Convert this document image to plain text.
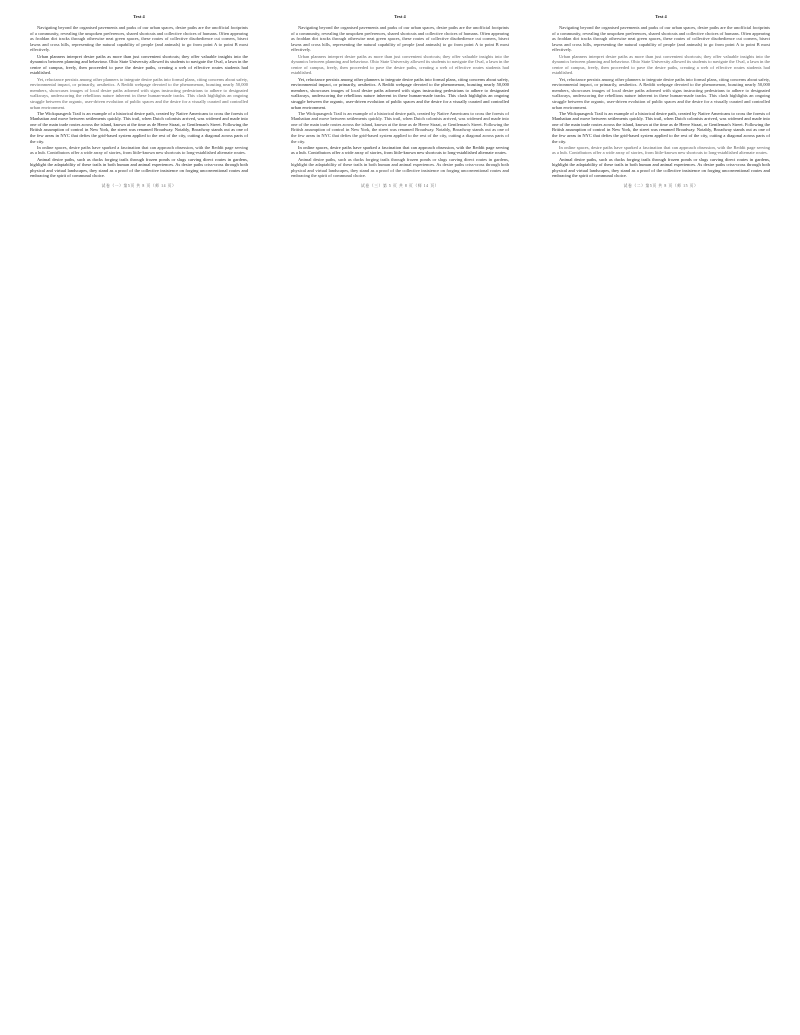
Text 4

Navigating beyond the organised pavements and parks of our urban spaces, desire paths are the unofficial footprints of a community, revealing the unspoken preferences, shared shortcuts and collective choices of humans. Often appearing as froddan dirt tracks through otherwise neat green spaces, these routes of collective disobedience cut corners, bisect lawns and cross hills, representing the natural capability of people (and animals) to go from point A to point B most effectively.

Urban planners interpret desire paths as more than just convenient shortcuts; they offer valuable insights into the dynamics between planning and behaviour. Ohio State University allowed its students to navigate the Oval, a lawn in the centre of campus, freely, then proceeded to pave the desire paths, creating a web of effective routes students had established.

Yet, reluctance persists among other planners to integrate desire paths into formal plans, citing concerns about safety, environmental impact, or primarily, aesthetics. A Reddit webpage devoted to the phenomenon, boasting nearly 50,000 members, showcases images of local desire paths adorned with signs instructing pedestrians to adhere to designated walkways, underscoring the rebellious nature inherent in these human-made tracks. This clash highlights an ongoing struggle between the organic, user-driven evolution of public spaces and the desire for a visually curated and controlled urban environment.

The Wickquasgeck Trail is an example of a historical desire path, created by Native Americans to cross the forests of Manhattan and move between settlements quickly. This trail, when Dutch colonists arrived, was widened and made into one of the main trade routes across the island, known at the time as de Heere Straat, or Gentleman's Street. Following the British assumption of control in New York, the street was renamed Broadway. Notably, Broadway stands out as one of the few areas in NYC that defies the grid-based system applied to the rest of the city, cutting a diagonal across parts of the city.

In online spaces, desire paths have sparked a fascination that can approach obsession, with the Reddit page serving as a hub. Contributors offer a wide array of stories, from little-known new shortcuts to long-established alternate routes.

Animal desire paths, such as ducks forging trails through frozen ponds or slugs carving direct routes in gardens, highlight the adaptability of these trails in both human and animal experiences. As desire paths criss-cross through both physical and virtual landscapes, they stand as a proof of the collective insistence on forging unconventional routes and embracing the spirit of communal choice.

试卷（一）第5页 共 8 页（师 14 页）
Text 4

Navigating beyond the organised pavements and parks of our urban spaces, desire paths are the unofficial footprints of a community, revealing the unspoken preferences, shared shortcuts and collective choices of humans. Often appearing as froddan dirt tracks through otherwise neat green spaces, these routes of collective disobedience cut corners, bisect lawns and cross hills, representing the natural capability of people (and animals) to go from point A to point B most effectively.

Urban planners interpret desire paths as more than just convenient shortcuts; they offer valuable insights into the dynamics between planning and behaviour. Ohio State University allowed its students to navigate the Oval, a lawn in the centre of campus, freely, then proceeded to pave the desire paths, creating a web of effective routes students had established.

Yet, reluctance persists among other planners to integrate desire paths into formal plans, citing concerns about safety, environmental impact, or primarily, aesthetics. A Reddit webpage devoted to the phenomenon, boasting nearly 50,000 members, showcases images of local desire paths adorned with signs instructing pedestrians to adhere to designated walkways, underscoring the rebellious nature inherent in these human-made tracks. This clash highlights an ongoing struggle between the organic, user-driven evolution of public spaces and the desire for a visually curated and controlled urban environment.

The Wickquasgeck Trail is an example of a historical desire path, created by Native Americans to cross the forests of Manhattan and move between settlements quickly. This trail, when Dutch colonists arrived, was widened and made into one of the main trade routes across the island, known at the time as de Heere Straat, or Gentleman's Street. Following the British assumption of control in New York, the street was renamed Broadway. Notably, Broadway stands out as one of the few areas in NYC that defies the grid-based system applied to the rest of the city, cutting a diagonal across parts of the city.

In online spaces, desire paths have sparked a fascination that can approach obsession, with the Reddit page serving as a hub. Contributors offer a wide array of stories, from little-known new shortcuts to long-established alternate routes.

Animal desire paths, such as ducks forging trails through frozen ponds or slugs carving direct routes in gardens, highlight the adaptability of these trails in both human and animal experiences. As desire paths criss-cross through both physical and virtual landscapes, they stand as a proof of the collective insistence on forging unconventional routes and embracing the spirit of communal choice.

试卷（三）第 5 页 共 8 页（师 14 页）
Text 4

Navigating beyond the organised pavements and parks of our urban spaces, desire paths are the unofficial footprints of a community, revealing the unspoken preferences, shared shortcuts and collective choices of humans. Often appearing as froddan dirt tracks through otherwise neat green spaces, these routes of collective disobedience cut corners, bisect lawns and cross hills, representing the natural capability of people (and animals) to go from point A to point B most effectively.

Urban planners interpret desire paths as more than just convenient shortcuts; they offer valuable insights into the dynamics between planning and behaviour. Ohio State University allowed its students to navigate the Oval, a lawn in the centre of campus, freely, then proceeded to pave the desire paths, creating a web of effective routes students had established.

Yet, reluctance persists among other planners to integrate desire paths into formal plans, citing concerns about safety, environmental impact, or primarily, aesthetics. A Reddit webpage devoted to the phenomenon, boasting nearly 50,000 members, showcases images of local desire paths adorned with signs instructing pedestrians to adhere to designated walkways, underscoring the rebellious nature inherent in these human-made tracks. This clash highlights an ongoing struggle between the organic, user-driven evolution of public spaces and the desire for a visually curated and controlled urban environment.

The Wickquasgeck Trail is an example of a historical desire path, created by Native Americans to cross the forests of Manhattan and move between settlements quickly. This trail, when Dutch colonists arrived, was widened and made into one of the main trade routes across the island, known at the time as de Heere Straat, or Gentleman's Street. Following the British assumption of control in New York, the street was renamed Broadway. Notably, Broadway stands out as one of the few areas in NYC that defies the grid-based system applied to the rest of the city, cutting a diagonal across parts of the city.

In online spaces, desire paths have sparked a fascination that can approach obsession, with the Reddit page serving as a hub. Contributors offer a wide array of stories, from little-known new shortcuts to long-established alternate routes.

Animal desire paths, such as ducks forging trails through frozen ponds or slugs carving direct routes in gardens, highlight the adaptability of these trails in both human and animal experiences. As desire paths criss-cross through both physical and virtual landscapes, they stand as a proof of the collective insistence on forging unconventional routes and embracing the spirit of communal choice.

试卷（二）第5页 共 8 页（师 15 页）
